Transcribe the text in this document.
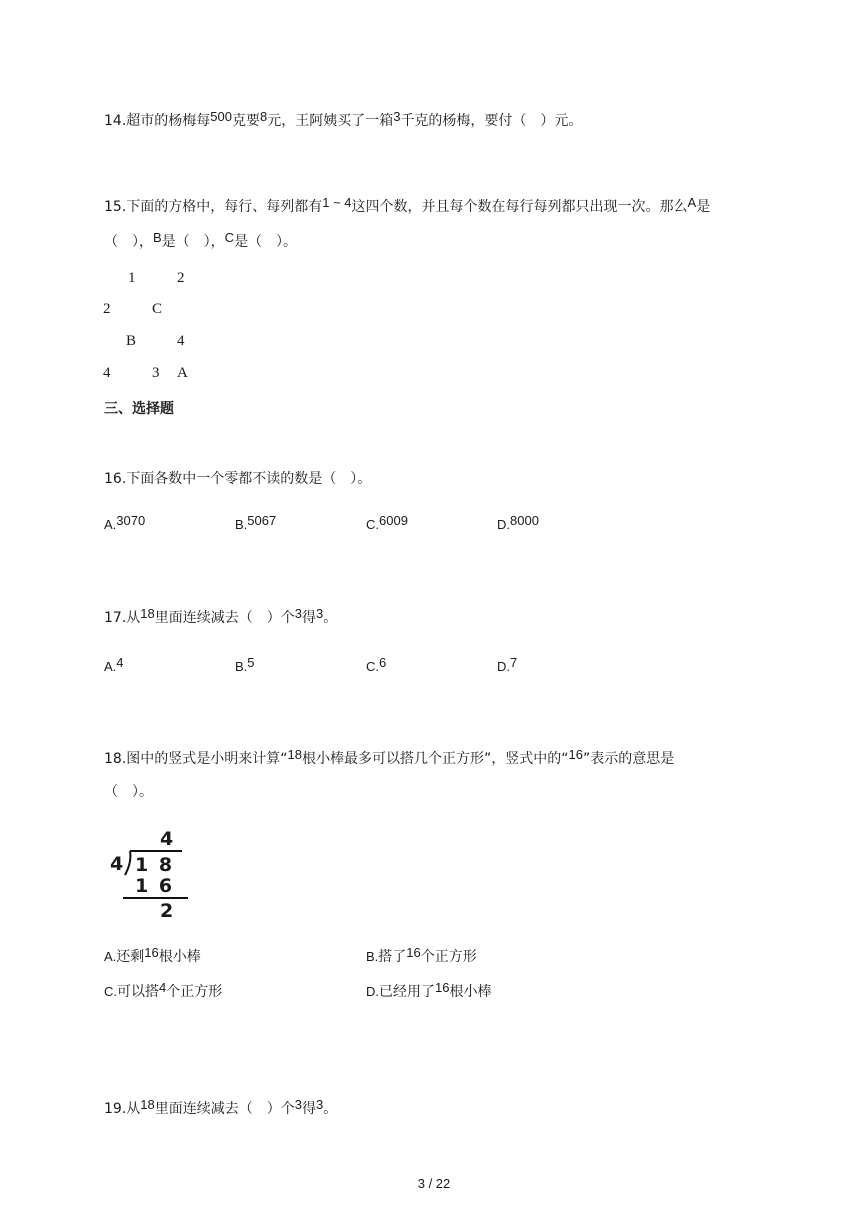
14.超市的杨梅每500克要8元，王阿姨买了一箱3千克的杨梅，要付（　）元。
15.下面的方格中，每行、每列都有1 ~ 4这四个数，并且每个数在每行每列都只出现一次。那么A是
（　），B是（　），C是（　）。
1	2
2	C
B	4
4	3 A
三、选择题
16.下面各数中一个零都不读的数是（　）。
A.3070	B.5067	C.6009	D.8000
17.从18里面连续减去（　）个3得3。
A.4	B.5	C.6	D.7
18.图中的竖式是小明来计算“18根小棒最多可以搭几个正方形”，竖式中的“16”表示的意思是
（　）。
4
4 1 8
1 6
2
A.还剩16根小棒	B.搭了16个正方形
C.可以搭4个正方形	D.已经用了16根小棒
19.从18里面连续减去（　）个3得3。
3 / 22
